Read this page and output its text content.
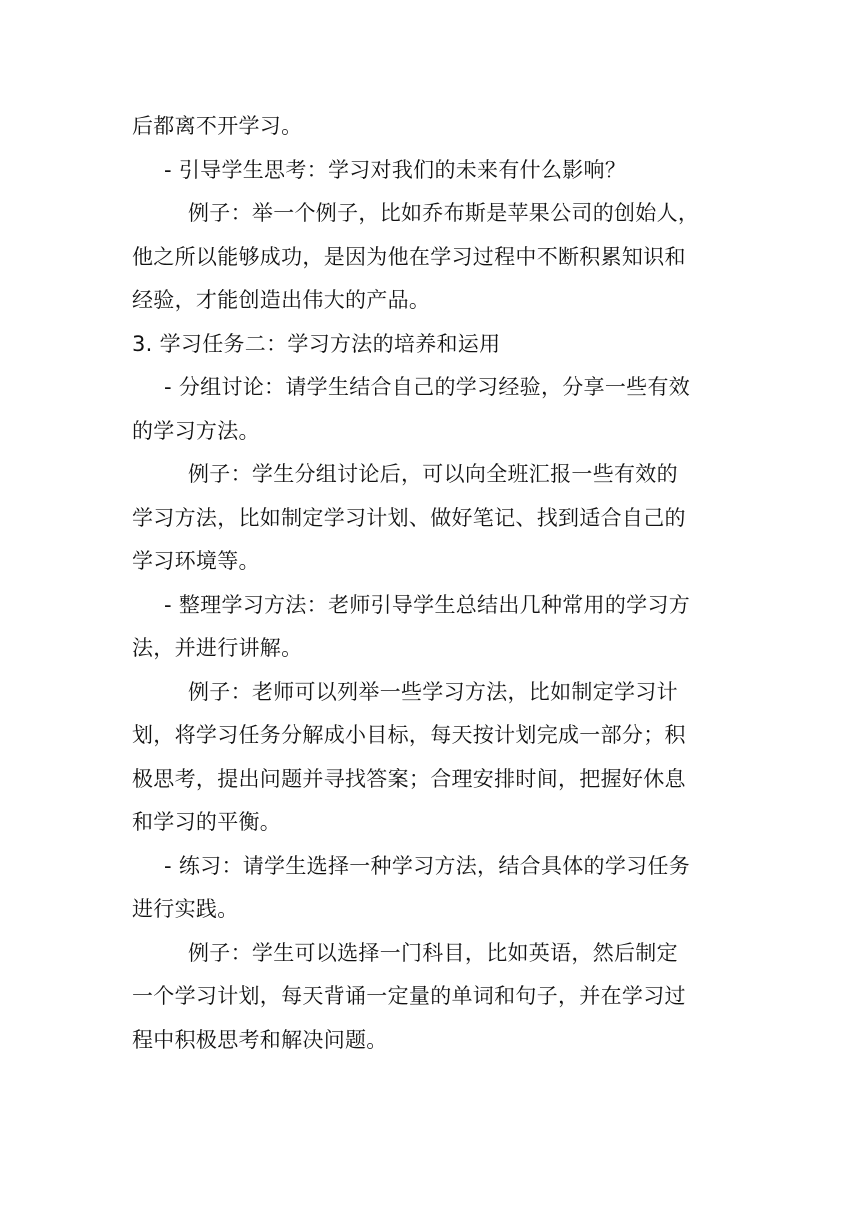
后都离不开学习。

- 引导学生思考：学习对我们的未来有什么影响？

例子：举一个例子，比如乔布斯是苹果公司的创始人，
他之所以能够成功，是因为他在学习过程中不断积累知识和
经验，才能创造出伟大的产品。

3. 学习任务二：学习方法的培养和运用

- 分组讨论：请学生结合自己的学习经验，分享一些有效
的学习方法。

例子：学生分组讨论后，可以向全班汇报一些有效的
学习方法，比如制定学习计划、做好笔记、找到适合自己的
学习环境等。

- 整理学习方法：老师引导学生总结出几种常用的学习方
法，并进行讲解。

例子：老师可以列举一些学习方法，比如制定学习计
划，将学习任务分解成小目标，每天按计划完成一部分；积
极思考，提出问题并寻找答案；合理安排时间，把握好休息
和学习的平衡。

- 练习：请学生选择一种学习方法，结合具体的学习任务
进行实践。

例子：学生可以选择一门科目，比如英语，然后制定
一个学习计划，每天背诵一定量的单词和句子，并在学习过
程中积极思考和解决问题。
